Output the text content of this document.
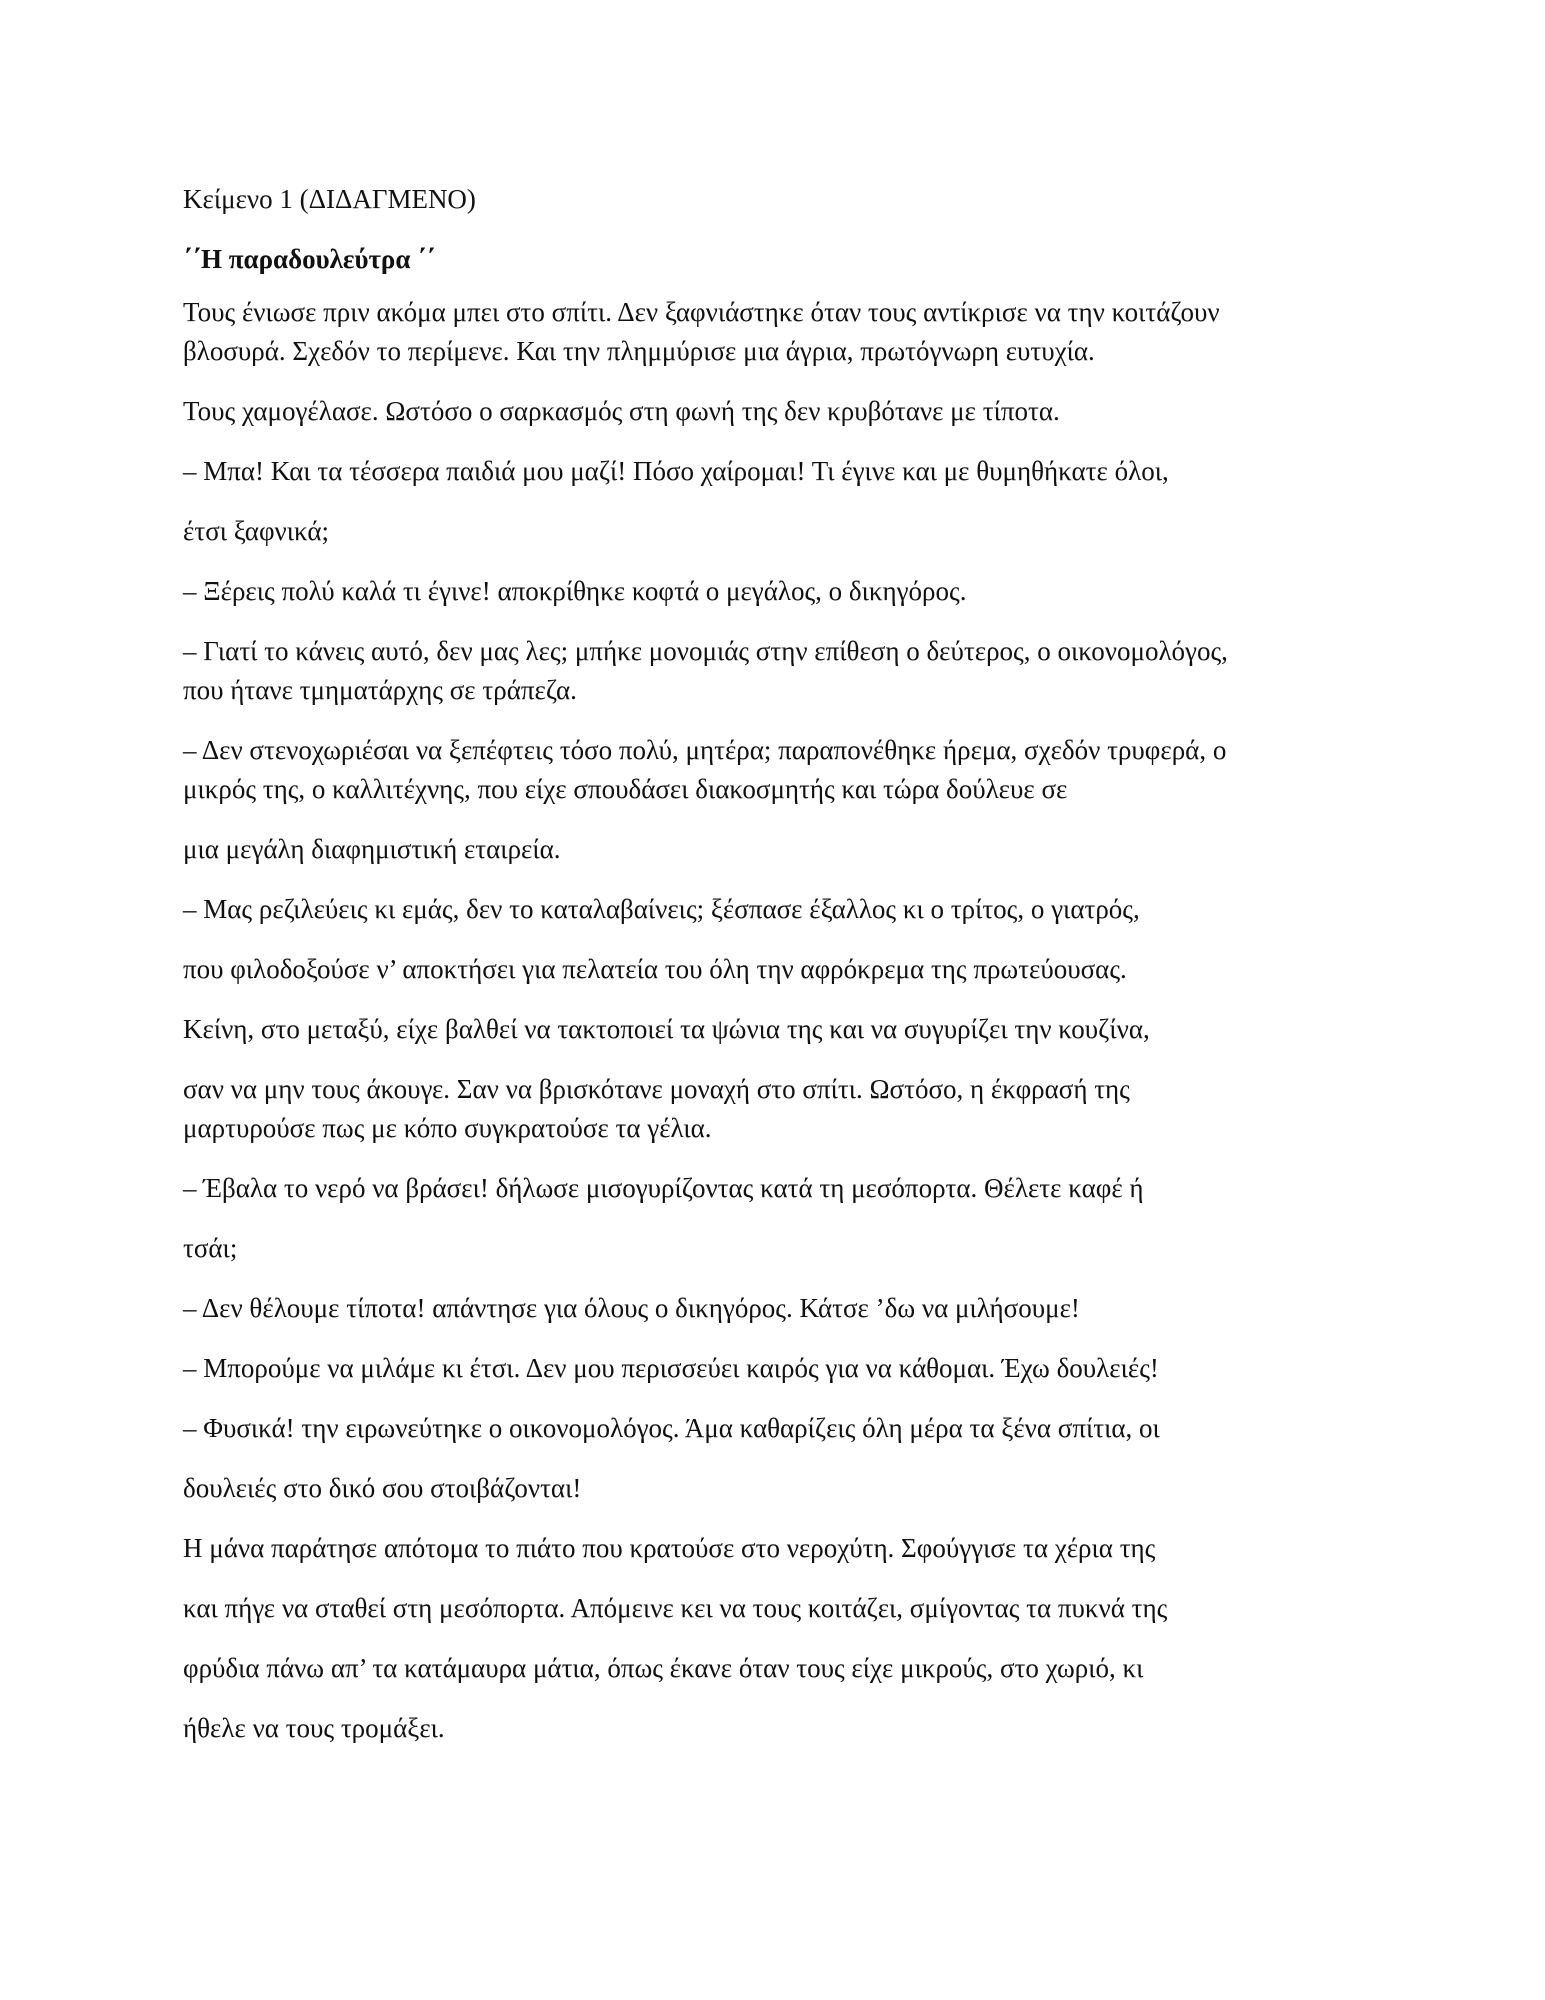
Κείμενο 1 (ΔΙΔΑΓΜΕΝΟ)

΄΄Η παραδουλεύτρα ΄΄

Τους ένιωσε πριν ακόμα μπει στο σπίτι. Δεν ξαφνιάστηκε όταν τους αντίκρισε να την κοιτάζουν

βλοσυρά. Σχεδόν το περίμενε. Και την πλημμύρισε μια άγρια, πρωτόγνωρη ευτυχία.

Τους χαμογέλασε. Ωστόσο ο σαρκασμός στη φωνή της δεν κρυβότανε με τίποτα.

– Μπα! Και τα τέσσερα παιδιά μου μαζί! Πόσο χαίρομαι! Τι έγινε και με θυμηθήκατε όλοι,

έτσι ξαφνικά;

– Ξέρεις πολύ καλά τι έγινε! αποκρίθηκε κοφτά ο μεγάλος, ο δικηγόρος.

– Γιατί το κάνεις αυτό, δεν μας λες; μπήκε μονομιάς στην επίθεση ο δεύτερος, ο οικονομολόγος,

που ήτανε τμηματάρχης σε τράπεζα.

– Δεν στενοχωριέσαι να ξεπέφτεις τόσο πολύ, μητέρα; παραπονέθηκε ήρεμα, σχεδόν τρυφερά, ο

μικρός της, ο καλλιτέχνης, που είχε σπουδάσει διακοσμητής και τώρα δούλευε σε

μια μεγάλη διαφημιστική εταιρεία.

– Μας ρεζιλεύεις κι εμάς, δεν το καταλαβαίνεις; ξέσπασε έξαλλος κι ο τρίτος, ο γιατρός,

που φιλοδοξούσε ν’ αποκτήσει για πελατεία του όλη την αφρόκρεμα της πρωτεύουσας.

Κείνη, στο μεταξύ, είχε βαλθεί να τακτοποιεί τα ψώνια της και να συγυρίζει την κουζίνα,

σαν να μην τους άκουγε. Σαν να βρισκότανε μοναχή στο σπίτι. Ωστόσο, η έκφρασή της

μαρτυρούσε πως με κόπο συγκρατούσε τα γέλια.

– Έβαλα το νερό να βράσει! δήλωσε μισογυρίζοντας κατά τη μεσόπορτα. Θέλετε καφέ ή

τσάι;

– Δεν θέλουμε τίποτα! απάντησε για όλους ο δικηγόρος. Κάτσε ’δω να μιλήσουμε!

– Μπορούμε να μιλάμε κι έτσι. Δεν μου περισσεύει καιρός για να κάθομαι. Έχω δουλειές!

– Φυσικά! την ειρωνεύτηκε ο οικονομολόγος. Άμα καθαρίζεις όλη μέρα τα ξένα σπίτια, οι

δουλειές στο δικό σου στοιβάζονται!

Η μάνα παράτησε απότομα το πιάτο που κρατούσε στο νεροχύτη. Σφούγγισε τα χέρια της

και πήγε να σταθεί στη μεσόπορτα. Απόμεινε κει να τους κοιτάζει, σμίγοντας τα πυκνά της

φρύδια πάνω απ’ τα κατάμαυρα μάτια, όπως έκανε όταν τους είχε μικρούς, στο χωριό, κι

ήθελε να τους τρομάξει.
